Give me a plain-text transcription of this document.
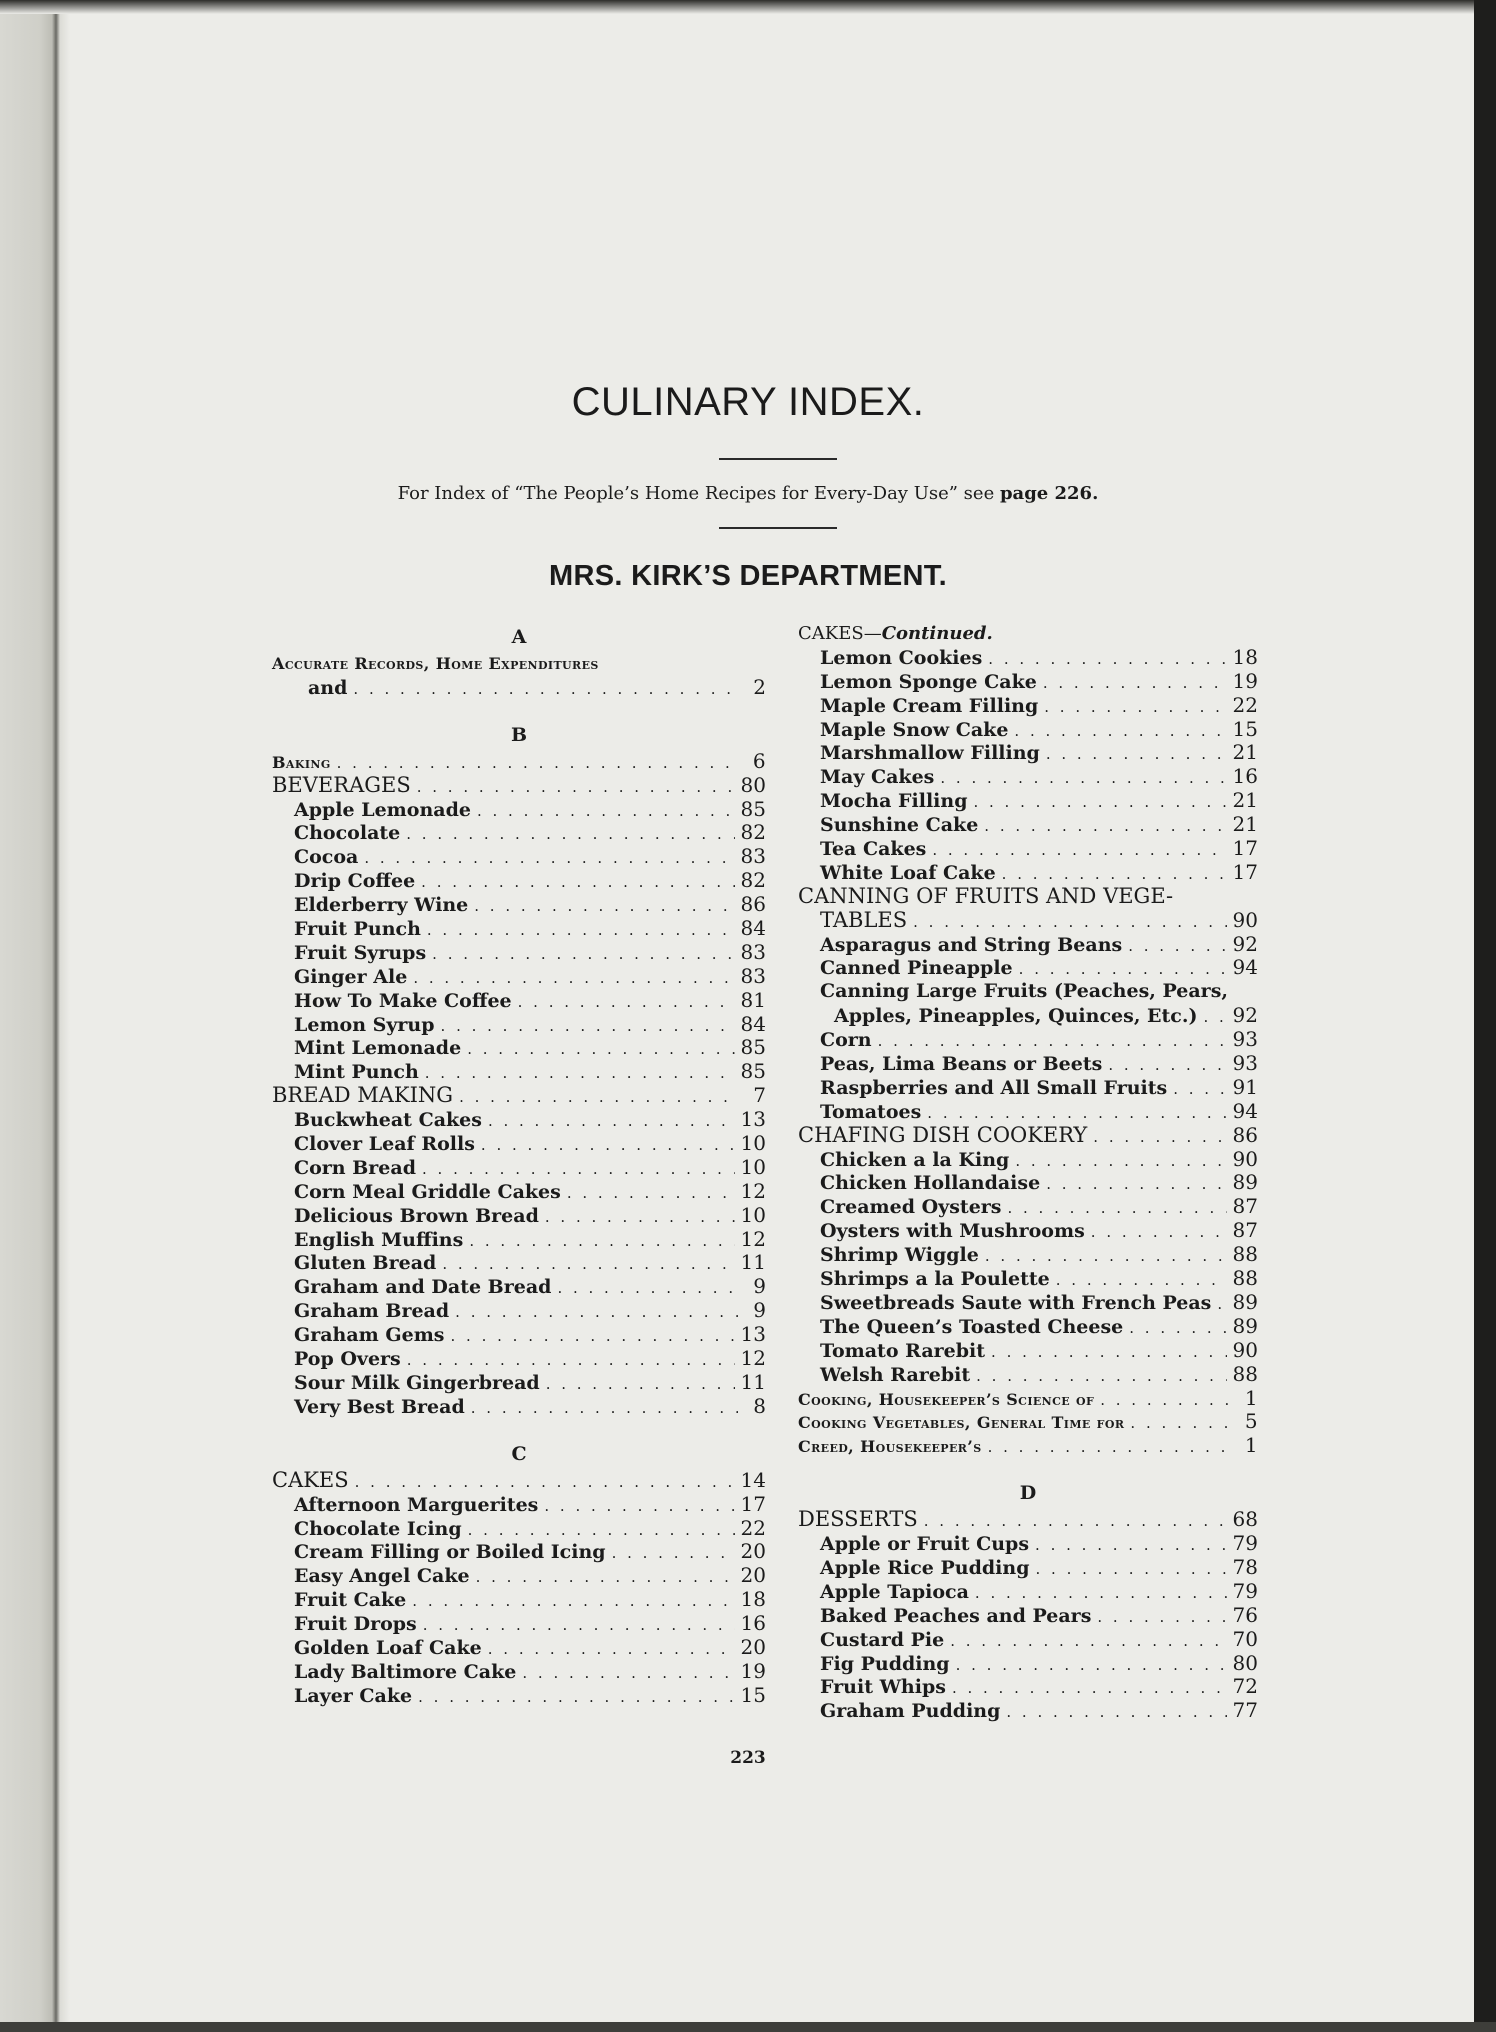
CULINARY INDEX.
For Index of “The People’s Home Recipes for Every-Day Use” see page 226.
MRS. KIRK’S DEPARTMENT.
A
Accurate Records, Home Expenditures
and . . .	2
B
Baking . . .	6
BEVERAGES . . .	80
Apple Lemonade . . .	85
Chocolate . . .	82
Cocoa . . .	83
Drip Coffee . . .	82
Elderberry Wine . . .	86
Fruit Punch . . .	84
Fruit Syrups . . .	83
Ginger Ale . . .	83
How To Make Coffee . . .	81
Lemon Syrup . . .	84
Mint Lemonade . . .	85
Mint Punch . . .	85
BREAD MAKING . . .	7
Buckwheat Cakes . . .	13
Clover Leaf Rolls . . .	10
Corn Bread . . .	10
Corn Meal Griddle Cakes . . .	12
Delicious Brown Bread . . .	10
English Muffins . . .	12
Gluten Bread . . .	11
Graham and Date Bread . . .	9
Graham Bread . . .	9
Graham Gems . . .	13
Pop Overs . . .	12
Sour Milk Gingerbread . . .	11
Very Best Bread . . .	8
C
CAKES . . .	14
Afternoon Marguerites . . .	17
Chocolate Icing . . .	22
Cream Filling or Boiled Icing . . .	20
Easy Angel Cake . . .	20
Fruit Cake . . .	18
Fruit Drops . . .	16
Golden Loaf Cake . . .	20
Lady Baltimore Cake . . .	19
Layer Cake . . .	15
CAKES—Continued.
Lemon Cookies . . .	18
Lemon Sponge Cake . . .	19
Maple Cream Filling . . .	22
Maple Snow Cake . . .	15
Marshmallow Filling . . .	21
May Cakes . . .	16
Mocha Filling . . .	21
Sunshine Cake . . .	21
Tea Cakes . . .	17
White Loaf Cake . . .	17
CANNING OF FRUITS AND VEGE-
TABLES . . .	90
Asparagus and String Beans . . .	92
Canned Pineapple . . .	94
Canning Large Fruits (Peaches, Pears,
Apples, Pineapples, Quinces, Etc.) . . . 92
Corn . . .	93
Peas, Lima Beans or Beets . . .	93
Raspberries and All Small Fruits . . .	91
Tomatoes . . .	94
CHAFING DISH COOKERY . . .	86
Chicken a la King . . .	90
Chicken Hollandaise . . .	89
Creamed Oysters . . .	87
Oysters with Mushrooms . . .	87
Shrimp Wiggle . . .	88
Shrimps a la Poulette . . .	88
Sweetbreads Saute with French Peas . . . 89
The Queen’s Toasted Cheese . . .	89
Tomato Rarebit . . .	90
Welsh Rarebit . . .	88
Cooking, Housekeeper’s Science of . . .	1
Cooking Vegetables, General Time for . . .	5
Creed, Housekeeper’s . . .	1
D
DESSERTS . . .	68
Apple or Fruit Cups . . .	79
Apple Rice Pudding . . .	78
Apple Tapioca . . .	79
Baked Peaches and Pears . . .	76
Custard Pie . . .	70
Fig Pudding . . .	80
Fruit Whips . . .	72
Graham Pudding . . .	77
223
